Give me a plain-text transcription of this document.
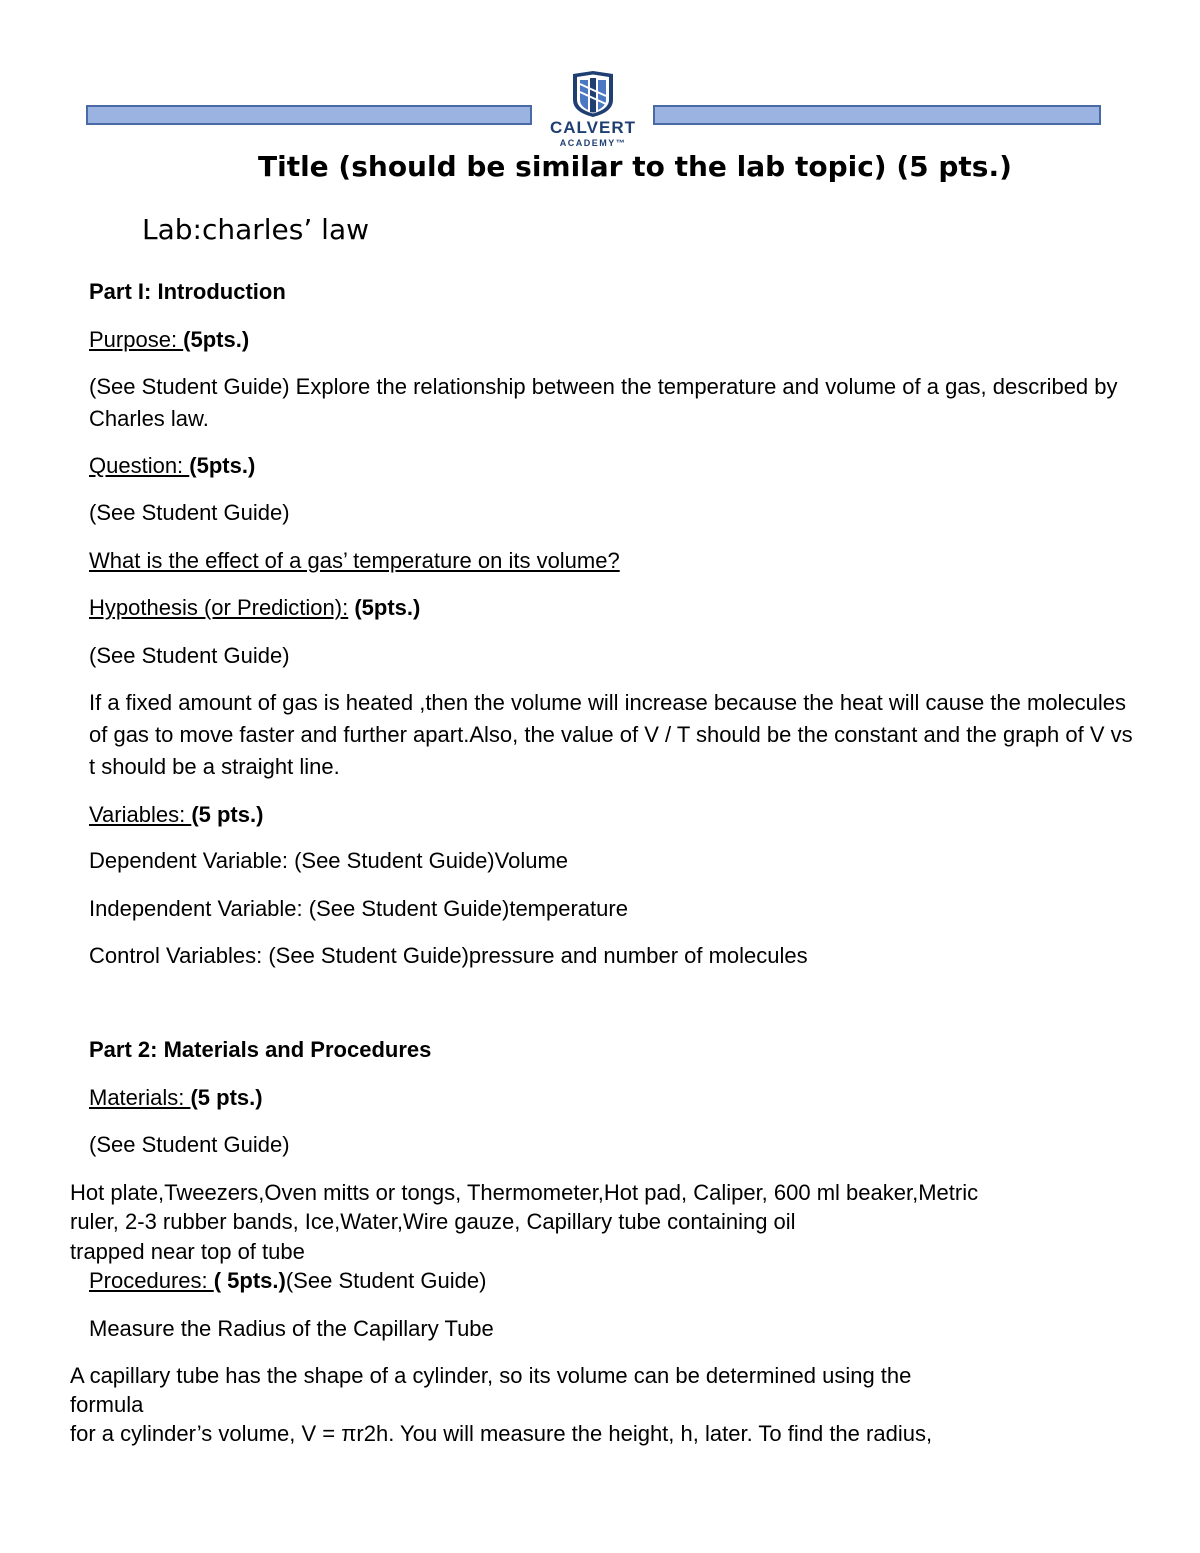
CALVERT
ACADEMY™
Title (should be similar to the lab topic) (5 pts.)
Lab:charles’ law
Part I: Introduction
Purpose: (5pts.)
(See Student Guide) Explore the relationship between the temperature and volume of a gas, described by Charles law.
Question: (5pts.)
(See Student Guide)
What is the effect of a gas’ temperature on its volume?
Hypothesis (or Prediction): (5pts.)
(See Student Guide)
If a fixed amount of gas is heated ,then the volume will increase because the heat will cause the molecules of gas to move faster and further apart.Also, the value of V / T should be the constant and the graph of V vs t should be a straight line.
Variables: (5 pts.)
Dependent Variable: (See Student Guide)Volume
Independent Variable: (See Student Guide)temperature
Control Variables: (See Student Guide)pressure and number of molecules
Part 2: Materials and Procedures
Materials: (5 pts.)
(See Student Guide)
Hot plate,Tweezers,Oven mitts or tongs, Thermometer,Hot pad, Caliper, 600 ml beaker,Metric
ruler, 2-3 rubber bands, Ice,Water,Wire gauze, Capillary tube containing oil
trapped near top of tube
Procedures: ( 5pts.)(See Student Guide)
Measure the Radius of the Capillary Tube
A capillary tube has the shape of a cylinder, so its volume can be determined using the
formula
for a cylinder’s volume, V = πr2h. You will measure the height, h, later. To find the radius,
